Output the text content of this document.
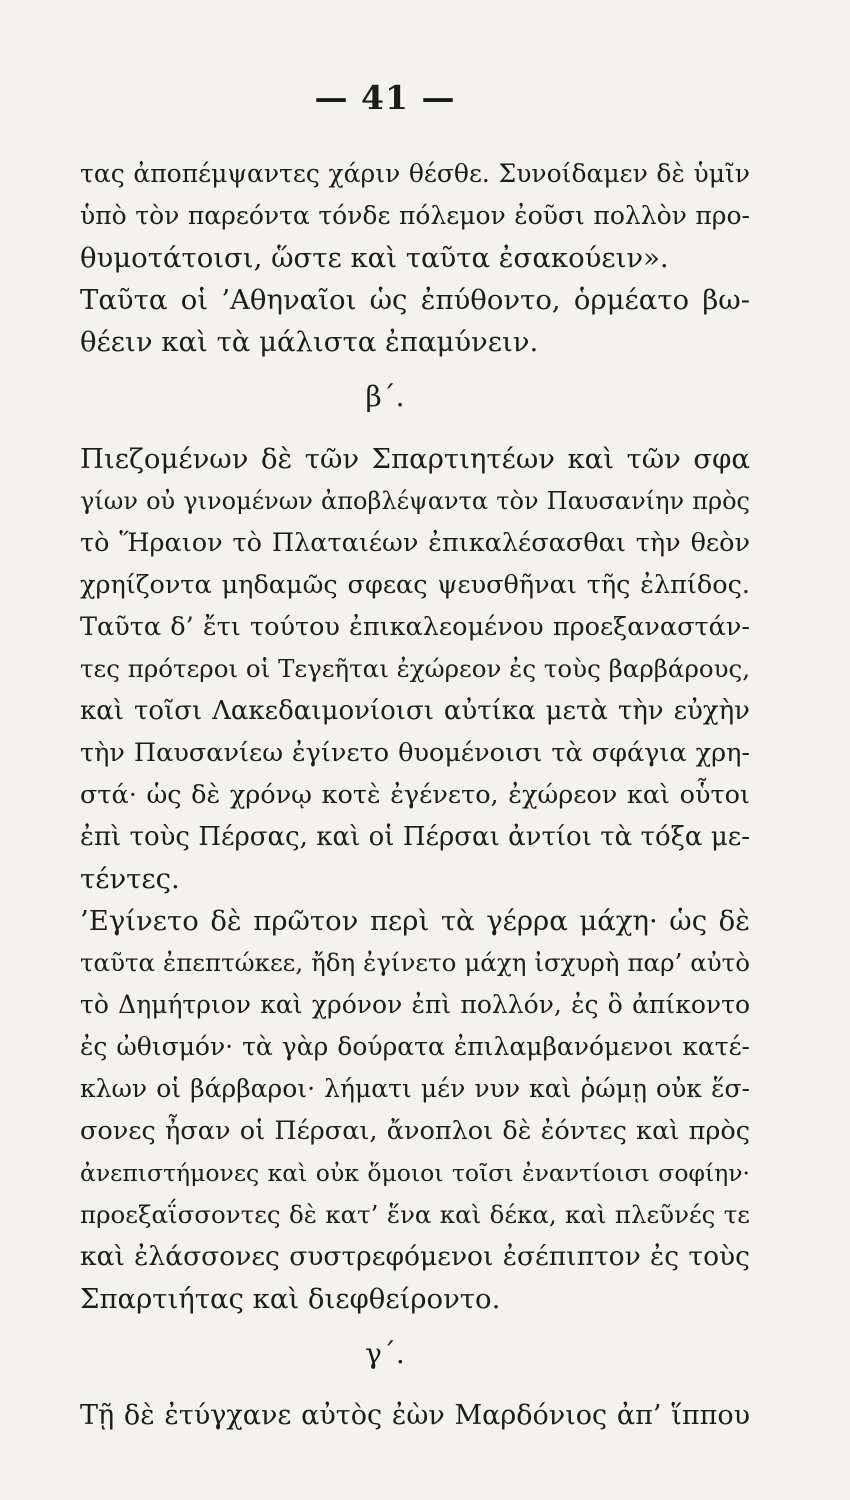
— 41 —
τας ἀποπέμψαντες χάριν θέσθε. Συνοίδαμεν δὲ ὑμῖν
ὑπὸ τὸν παρεόντα τόνδε πόλεμον ἐοῦσι πολλὸν προ-
θυμοτάτοισι, ὥστε καὶ ταῦτα ἐσακούειν».
Ταῦτα οἱ ’Αθηναῖοι ὡς ἐπύθοντο, ὁρμέατο βω-
θέειν καὶ τὰ μάλιστα ἐπαμύνειν.
β΄.
Πιεζομένων δὲ τῶν Σπαρτιητέων καὶ τῶν σφα
γίων οὐ γινομένων ἀποβλέψαντα τὸν Παυσανίην πρὸς
τὸ Ἥραιον τὸ Πλαταιέων ἐπικαλέσασθαι τὴν θεὸν
χρηίζοντα μηδαμῶς σφεας ψευσθῆναι τῆς ἐλπίδος.
Ταῦτα δ’ ἔτι τούτου ἐπικαλεομένου προεξαναστάν-
τες πρότεροι οἱ Τεγεῆται ἐχώρεον ἐς τοὺς βαρβάρους,
καὶ τοῖσι Λακεδαιμονίοισι αὐτίκα μετὰ τὴν εὐχὴν
τὴν Παυσανίεω ἐγίνετο θυομένοισι τὰ σφάγια χρη-
στά· ὡς δὲ χρόνῳ κοτὲ ἐγένετο, ἐχώρεον καὶ οὗτοι
ἐπὶ τοὺς Πέρσας, καὶ οἱ Πέρσαι ἀντίοι τὰ τόξα με-
τέντες.
’Εγίνετο δὲ πρῶτον περὶ τὰ γέρρα μάχη· ὡς δὲ
ταῦτα ἐπεπτώκεε, ἤδη ἐγίνετο μάχη ἰσχυρὴ παρ’ αὐτὸ
τὸ Δημήτριον καὶ χρόνον ἐπὶ πολλόν, ἐς ὃ ἀπίκοντο
ἐς ὠθισμόν· τὰ γὰρ δούρατα ἐπιλαμβανόμενοι κατέ-
κλων οἱ βάρβαροι· λήματι μέν νυν καὶ ῥώμῃ οὐκ ἕσ-
σονες ἦσαν οἱ Πέρσαι, ἄνοπλοι δὲ ἐόντες καὶ πρὸς
ἀνεπιστήμονες καὶ οὐκ ὅμοιοι τοῖσι ἐναντίοισι σοφίην·
προεξαΐσσοντες δὲ κατ’ ἕνα καὶ δέκα, καὶ πλεῦνές τε
καὶ ἐλάσσονες συστρεφόμενοι ἐσέπιπτον ἐς τοὺς
Σπαρτιήτας καὶ διεφθείροντο.
γ΄.
Τῇ δὲ ἐτύγχανε αὐτὸς ἐὼν Μαρδόνιος ἀπ’ ἵππου
